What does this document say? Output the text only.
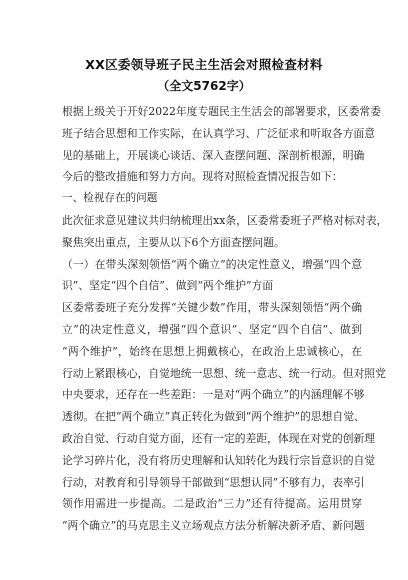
XX区委领导班子民主生活会对照检查材料
（全文5762字）
根据上级关于开好2022年度专题民主生活会的部署要求，区委常委
班子结合思想和工作实际，在认真学习、广泛征求和听取各方面意
见的基础上，开展谈心谈话、深入查摆问题、深剖析根源，明确
今后的整改措施和努力方向。现将对照检查情况报告如下：
一、检视存在的问题
此次征求意见建议共归纳梳理出xx条，区委常委班子严格对标对表，
聚焦突出重点，主要从以下6个方面查摆问题。
（一）在带头深刻领悟“两个确立”的决定性意义，增强“四个意
识”、坚定“四个自信”、做到“两个维护”方面
区委常委班子充分发挥“关键少数”作用，带头深刻领悟“两个确
立”的决定性意义，增强“四个意识”、坚定“四个自信”、做到
“两个维护”，始终在思想上拥戴核心，在政治上忠诚核心，在
行动上紧跟核心，自觉地统一思想、统一意志、统一行动。但对照党
中央要求，还存在一些差距：一是对“两个确立”的内涵理解不够
透彻。在把“两个确立”真正转化为做到“两个维护”的思想自觉、
政治自觉、行动自觉方面，还有一定的差距，体现在对党的创新理
论学习碎片化，没有将历史理解和认知转化为践行宗旨意识的自觉
行动，对教育和引导领导干部做到“思想认同”不够有力，表率引
领作用需进一步提高。二是政治“三力”还有待提高。运用贯穿
“两个确立”的马克思主义立场观点方法分析解决新矛盾、新问题
